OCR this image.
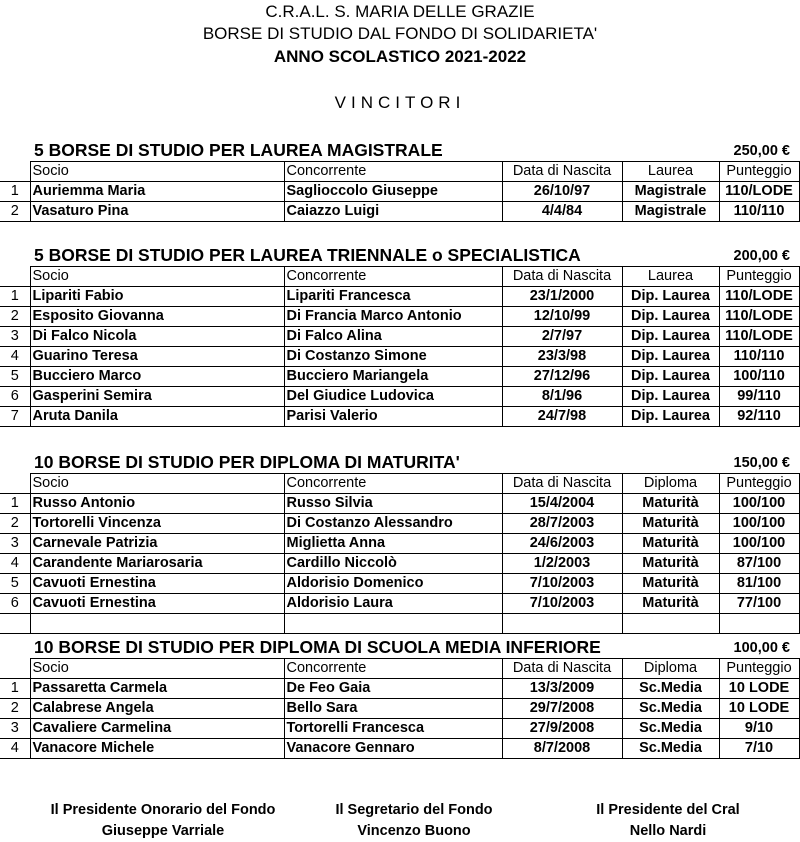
C.R.A.L. S. MARIA DELLE GRAZIE
BORSE DI STUDIO DAL FONDO DI SOLIDARIETA'
ANNO SCOLASTICO 2021-2022
VINCITORI
5 BORSE DI STUDIO PER LAUREA MAGISTRALE	250,00 €
	Socio	Concorrente	Data di Nascita	Laurea	Punteggio
1	Auriemma Maria	Saglioccolo Giuseppe	26/10/97	Magistrale	110/LODE
2	Vasaturo Pina	Caiazzo Luigi	4/4/84	Magistrale	110/110
5 BORSE DI STUDIO PER LAUREA TRIENNALE o SPECIALISTICA	200,00 €
	Socio	Concorrente	Data di Nascita	Laurea	Punteggio
1	Lipariti Fabio	Lipariti Francesca	23/1/2000	Dip. Laurea	110/LODE
2	Esposito Giovanna	Di Francia Marco Antonio	12/10/99	Dip. Laurea	110/LODE
3	Di Falco Nicola	Di Falco Alina	2/7/97	Dip. Laurea	110/LODE
4	Guarino Teresa	Di Costanzo Simone	23/3/98	Dip. Laurea	110/110
5	Bucciero Marco	Bucciero Mariangela	27/12/96	Dip. Laurea	100/110
6	Gasperini Semira	Del Giudice Ludovica	8/1/96	Dip. Laurea	99/110
7	Aruta Danila	Parisi Valerio	24/7/98	Dip. Laurea	92/110
10 BORSE DI STUDIO PER DIPLOMA DI MATURITA'	150,00 €
	Socio	Concorrente	Data di Nascita	Diploma	Punteggio
1	Russo Antonio	Russo Silvia	15/4/2004	Maturità	100/100
2	Tortorelli Vincenza	Di Costanzo Alessandro	28/7/2003	Maturità	100/100
3	Carnevale Patrizia	Miglietta Anna	24/6/2003	Maturità	100/100
4	Carandente Mariarosaria	Cardillo Niccolò	1/2/2003	Maturità	87/100
5	Cavuoti Ernestina	Aldorisio Domenico	7/10/2003	Maturità	81/100
6	Cavuoti Ernestina	Aldorisio Laura	7/10/2003	Maturità	77/100

10 BORSE DI STUDIO PER DIPLOMA DI SCUOLA MEDIA INFERIORE	100,00 €
	Socio	Concorrente	Data di Nascita	Diploma	Punteggio
1	Passaretta Carmela	De Feo Gaia	13/3/2009	Sc.Media	10 LODE
2	Calabrese Angela	Bello Sara	29/7/2008	Sc.Media	10 LODE
3	Cavaliere Carmelina	Tortorelli Francesca	27/9/2008	Sc.Media	9/10
4	Vanacore Michele	Vanacore Gennaro	8/7/2008	Sc.Media	7/10
Il Presidente Onorario del Fondo
Giuseppe Varriale
Il Segretario del Fondo
Vincenzo Buono
Il Presidente del Cral
Nello Nardi
